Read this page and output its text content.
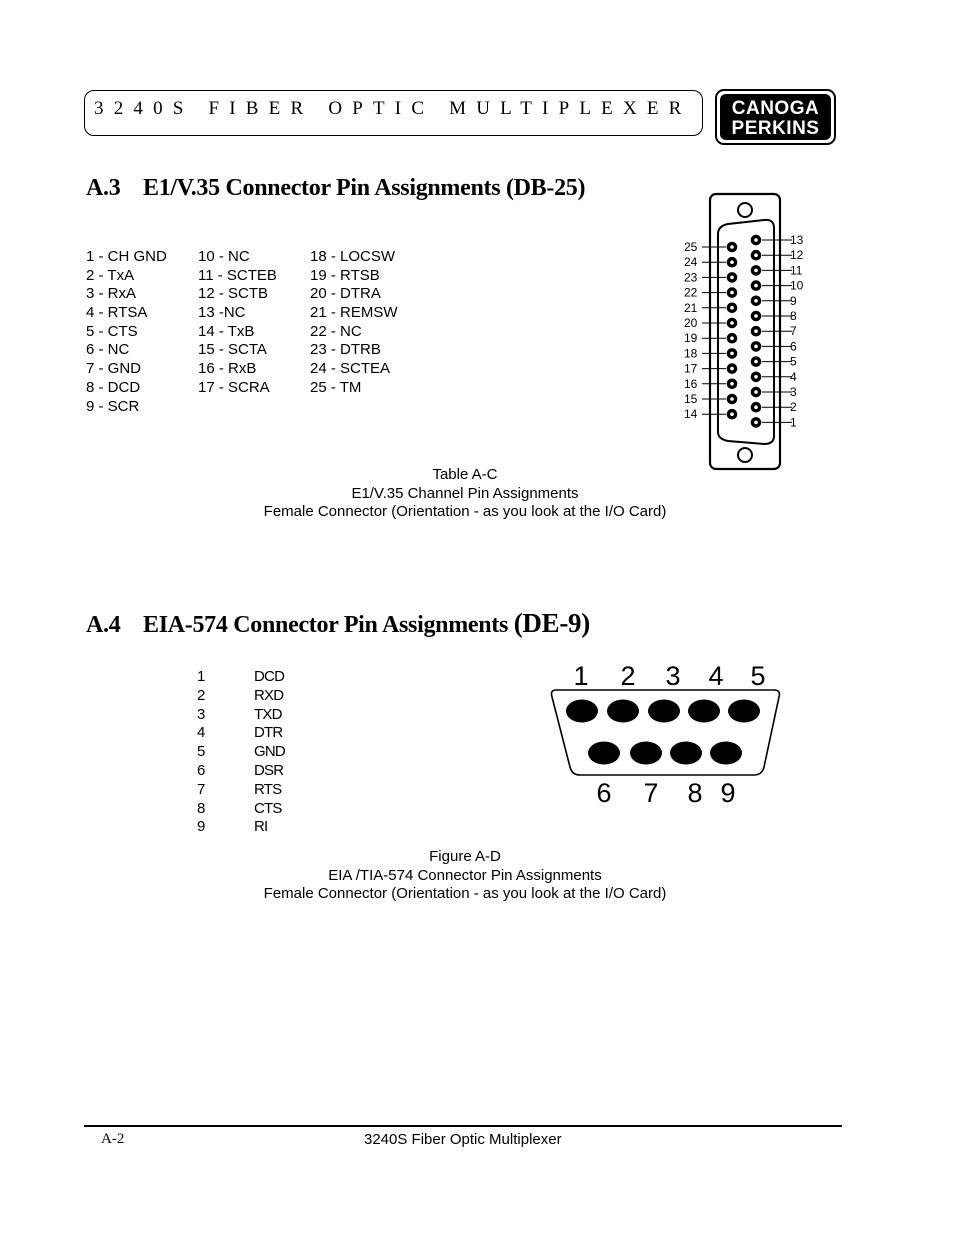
3240S FIBER OPTIC MULTIPLEXER	CANOGA
PERKINS
A.3 E1/V.35 Connector Pin Assignments (DB-25)
1 - CH GND
2 - TxA
3 - RxA
4 - RTSA
5 - CTS
6 - NC
7 - GND
8 - DCD
9 - SCR
10 - NC
11 - SCTEB
12 - SCTB
13 -NC
14 - TxB
15 - SCTA
16 - RxB
17 - SCRA
18 - LOCSW
19 - RTSB
20 - DTRA
21 - REMSW
22 - NC
23 - DTRB
24 - SCTEA
25 - TM
13
12
11
10
9
8
7
6
5
4
3
2
1
25
24
23
22
21
20
19
18
17
16
15
14
Table A-C
E1/V.35 Channel Pin Assignments
Female Connector (Orientation - as you look at the I/O Card)
A.4 EIA-574 Connector Pin Assignments (DE-9)
1
2
3
4
5
6
7
8
9
DCD
RXD
TXD
DTR
GND
DSR
RTS
CTS
RI
1 2 3 4 5
6 7 8 9
Figure A-D
EIA /TIA-574 Connector Pin Assignments
Female Connector (Orientation - as you look at the I/O Card)
A-2	3240S Fiber Optic Multiplexer
